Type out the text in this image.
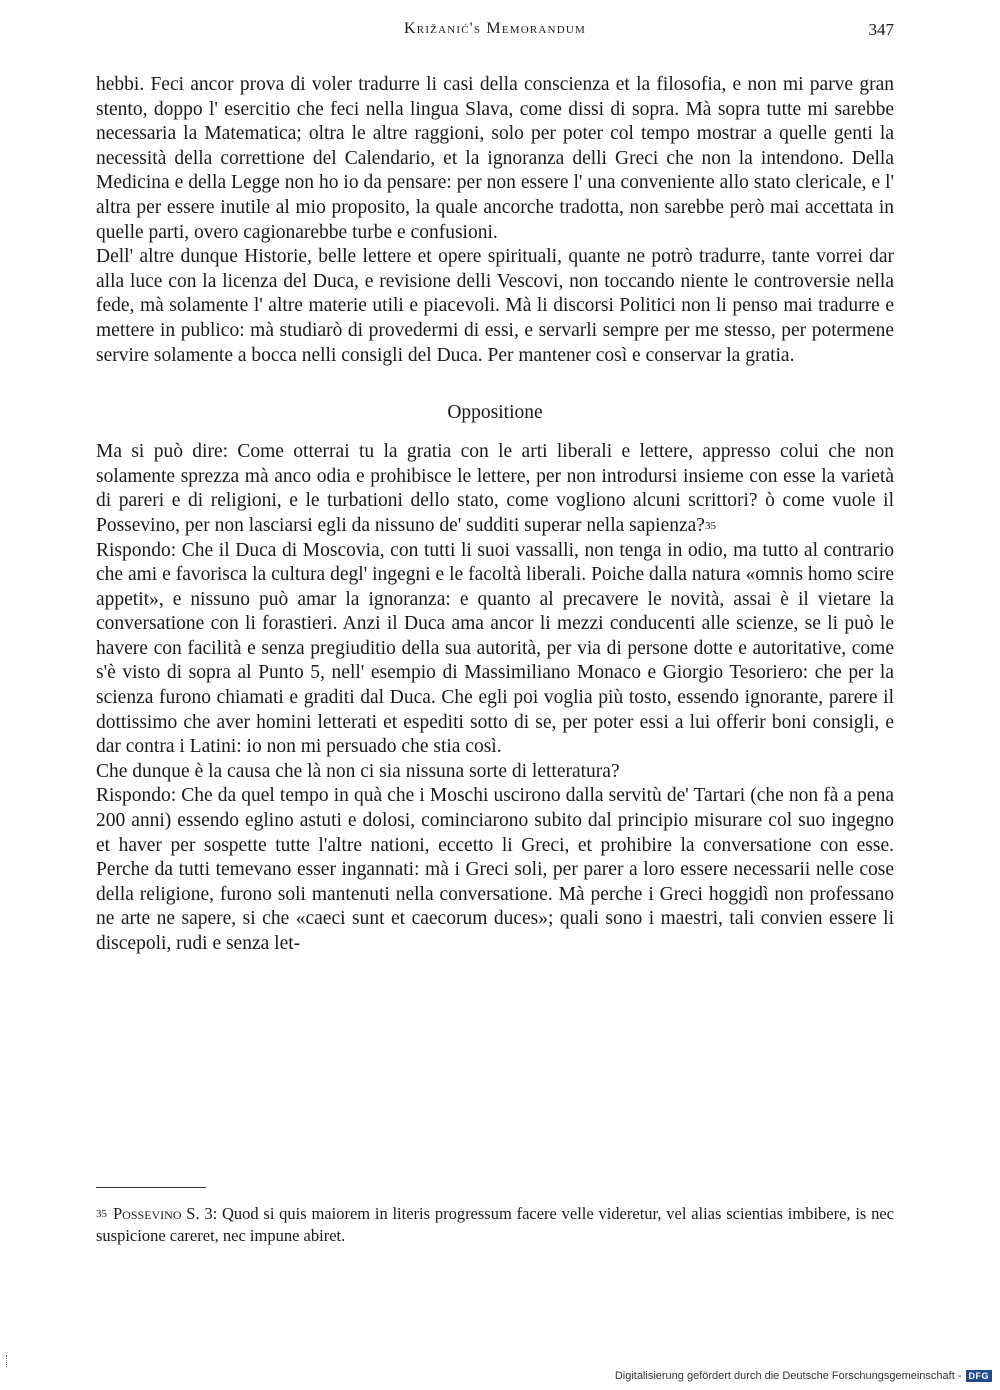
Križanić's Memorandum	347

hebbi. Feci ancor prova di voler tradurre li casi della conscienza et la filosofia, e non mi parve gran stento, doppo l' esercitio che feci nella lingua Slava, come dissi di sopra. Mà sopra tutte mi sarebbe necessaria la Matematica; oltra le altre raggioni, solo per poter col tempo mostrar a quelle genti la necessità della correttione del Calendario, et la ignoranza delli Greci che non la intendono. Della Medicina e della Legge non ho io da pensare: per non essere l' una conveniente allo stato clericale, e l' altra per essere inutile al mio proposito, la quale ancorche tradotta, non sarebbe però mai accettata in quelle parti, overo cagionarebbe turbe e confusioni.

Dell' altre dunque Historie, belle lettere et opere spirituali, quante ne potrò tradurre, tante vorrei dar alla luce con la licenza del Duca, e revisione delli Vescovi, non toccando niente le controversie nella fede, mà solamente l' altre materie utili e piacevoli. Mà li discorsi Politici non li penso mai tradurre e mettere in publico: mà studiarò di provedermi di essi, e servarli sempre per me stesso, per potermene servire solamente a bocca nelli consigli del Duca. Per mantener così e conservar la gratia.

Oppositione

Ma si può dire: Come otterrai tu la gratia con le arti liberali e lettere, appresso colui che non solamente sprezza mà anco odia e prohibisce le lettere, per non introdursi insieme con esse la varietà di pareri e di religioni, e le turbationi dello stato, come vogliono alcuni scrittori? ò come vuole il Possevino, per non lasciarsi egli da nissuno de' sudditi superar nella sapienza?$^{35}$

Rispondo: Che il Duca di Moscovia, con tutti li suoi vassalli, non tenga in odio, ma tutto al contrario che ami e favorisca la cultura degl' ingegni e le facoltà liberali. Poiche dalla natura «omnis homo scire appetit», e nissuno può amar la ignoranza: e quanto al precavere le novità, assai è il vietare la conversatione con li forastieri. Anzi il Duca ama ancor li mezzi conducenti alle scienze, se li può le havere con facilità e senza pregiuditio della sua autorità, per via di persone dotte e autoritative, come s'è visto di sopra al Punto 5, nell' esempio di Massimiliano Monaco e Giorgio Tesoriero: che per la scienza furono chiamati e graditi dal Duca. Che egli poi voglia più tosto, essendo ignorante, parere il dottissimo che aver homini letterati et espediti sotto di se, per poter essi a lui offerir boni consigli, e dar contra i Latini: io non mi persuado che stia così.

Che dunque è la causa che là non ci sia nissuna sorte di letteratura?

Rispondo: Che da quel tempo in quà che i Moschi uscirono dalla servitù de' Tartari (che non fà a pena 200 anni) essendo eglino astuti e dolosi, cominciarono subito dal principio misurare col suo ingegno et haver per sospette tutte l'altre nationi, eccetto li Greci, et prohibire la conversatione con esse. Perche da tutti temevano esser ingannati: mà i Greci soli, per parer a loro essere necessarii nelle cose della religione, furono soli mantenuti nella conversatione. Mà perche i Greci hoggidì non professano ne arte ne sapere, si che «caeci sunt et caecorum duces»; quali sono i maestri, tali convien essere li discepoli, rudi e senza let-

$^{35}$ Possevino S. 3: Quod si quis maiorem in literis progressum facere velle videretur, vel alias scientias imbibere, is nec suspicione careret, nec impune abiret.

Digitalisierung gefördert durch die Deutsche Forschungsgemeinschaft - DFG
